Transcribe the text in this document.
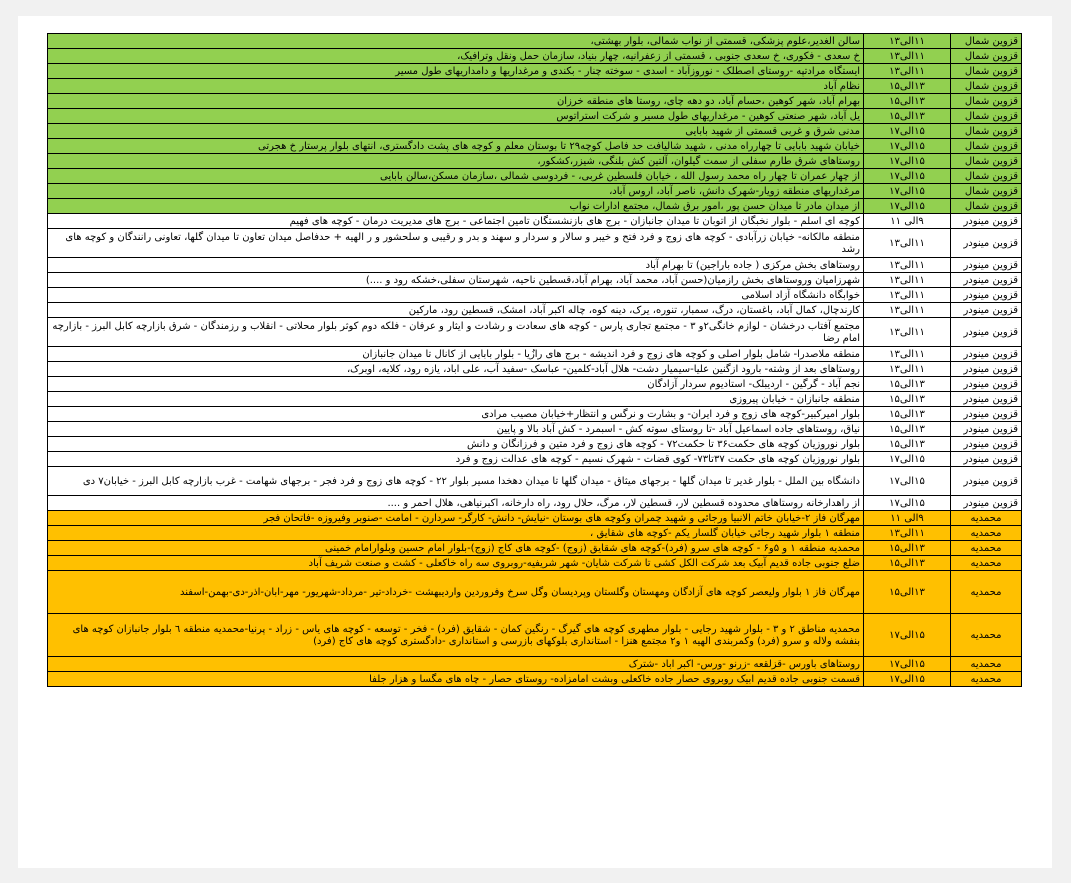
قزوین شمال	۱۱الی۱۳	سالن الغدیر،علوم پزشکی، قسمتی از نواب شمالی، بلوار بهشتی،
قزوین شمال	۱۱الی۱۳	خ سعدی - فکوری، خ سعدی جنوبی ، قسمتی از زعفرانیه، چهار بنیاد، سازمان حمل ونقل وترافیک،
قزوین شمال	۱۱الی۱۳	ایستگاه مرادتپه -روستای اصطلک - نوروزآباد - اسدی - سوخته چنار - بکندی و مرغداریها و دامداریهای طول مسیر
قزوین شمال	۱۳الی۱۵	نظام آباد
قزوین شمال	۱۳الی۱۵	بهرام آباد، شهر کوهین ،حسام آباد، دو دهه چای، روستا های منطقه خرزان
قزوین شمال	۱۳الی۱۵	یل آباد، شهر صنعتی کوهین - مرغداریهای طول مسیر و شرکت استراتوس
قزوین شمال	۱۵الی۱۷	مدنی شرق و غربی قسمتی از شهید بابایی
قزوین شمال	۱۵الی۱۷	خیابان شهید بابایی تا چهارراه مدنی ، شهید شالیافت حد فاصل کوچه۲۹ تا بوستان معلم و کوچه های پشت دادگستری، انتهای بلوار پرستار خ هجرتی
قزوین شمال	۱۵الی۱۷	روستاهای شرق طارم سفلی از سمت گیلوان، آلتین کش بلنگی، شیزر،کشکور،
قزوین شمال	۱۵الی۱۷	از چهار عمران تا چهار راه محمد رسول الله ، خیابان فلسطین غربی، - فردوسی شمالی ،سازمان مسکن،سالن بابایی
قزوین شمال	۱۵الی۱۷	مرغداریهای منطقه زویار-شهرک دانش، ناصر آباد، اروس آباد،
قزوین شمال	۱۵الی۱۷	از میدان مادر تا میدان حسن پور ،امور برق شمال، مجتمع ادارات نواب
قزوین مینودر	۹الی ۱۱	کوچه ای اسلم - بلوار نخبگان از اتوبان تا میدان جانبازان - برج های بازنشستگان تامین اجتماعی - برج های مدیریت درمان - کوچه های فهیم
قزوین مینودر	۱۱الی۱۳	منطقه مالکانه- خیابان زرآبادی - کوچه های زوج و فرد فتح و خیبر و سالار و سردار و سهند و بدر و رقیبی و سلحشور و ر الهیه + حدفاصل میدان تعاون تا میدان گلها، تعاونی رانندگان و کوچه های رشد
قزوین مینودر	۱۱الی۱۳	روستاهای بخش مرکزی ( جاده باراجین) تا بهرام آباد
قزوین مینودر	۱۱الی۱۳	شهرزامیان وروستاهای بخش رازمیان(حسن آباد، محمد آباد، بهرام آباد،قسطین ناحیه، شهرستان سفلی،خشکه رود و ....)
قزوین مینودر	۱۱الی۱۳	خوابگاه دانشگاه آزاد اسلامی
قزوین مینودر	۱۱الی۱۳	کارندچال، کمال آباد، باغستان، درگ، سمبار، تنوره، یرک، دینه کوه، چاله اکبر آباد، امشک، قسطین رود، مارکین
قزوین مینودر	۱۱الی۱۳	مجتمع آفتاب درخشان - لوازم خانگی۲و ۳ - مجتمع تجاری پارس - کوچه های سعادت و رشادت و ایثار و عرفان - فلکه دوم کوثر بلوار محلاتی - انقلاب و رزمندگان - شرق بازارچه کابل البرز - بازارچه امام رضا
قزوین مینودر	۱۱الی۱۳	منطقه ملاصدرا- شامل بلوار اصلی و کوچه های زوج و فرد اندیشه - برج های رازُیا - بلوار بابایی از کانال تا میدان جانبازان
قزوین مینودر	۱۱الی۱۳	روستاهای بعد از وشته- بارود ازگنین علیا-سیمیار دشت- هلال آباد-کلمین- عباسک -سفید آب، علی اباد، یازه رود، کلایه، اوبرک،
قزوین مینودر	۱۳الی۱۵	نجم آباد - گرگین - اردیبلک- استادیوم سردار آزادگان
قزوین مینودر	۱۳الی۱۵	منطقه جانبازان - خیابان پیروزی
قزوین مینودر	۱۳الی۱۵	بلوار امیرکبیر-کوچه های زوج و فرد ایران- و بشارت و نرگس و انتظار+خیابان مصیب مرادی
قزوین مینودر	۱۳الی۱۵	نیاق، روستاهای جاده اسماعیل آباد -تا روستای سوته کش - اسبمرد - کش آباد بالا و پایین
قزوین مینودر	۱۳الی۱۵	بلوار نوروزیان کوچه های حکمت۳۶ تا حکمت۷۲ - کوچه های زوج و فرد متین و فرزانگان و دانش
قزوین مینودر	۱۵الی۱۷	بلوار نوروزیان کوچه های حکمت ۳۷تا۷۳- کوی قضات - شهرک نسیم - کوچه های عدالت زوج و فرد
قزوین مینودر	۱۵الی۱۷	دانشگاه بین الملل - بلوار غدیر تا میدان گلها - برجهای میثاق - میدان گلها تا میدان دهخدا مسیر بلوار ۲۲ - کوچه های زوج و فرد فجر - برجهای شهامت - غرب بازارچه کابل البرز - خیابان۷ دی
قزوین مینودر	۱۵الی۱۷	از راهدارخانه روستاهای محدوده قسطین لار، قسطین لار، مرگ، حلال رود، راه دارخانه، اکبرنیاهی، هلال احمر و ....
محمدیه	۹الی ۱۱	مهرگان فاز ۲-خیابان خاتم الانبیا ورجائی و شهید چمران وکوچه های بوستان -نیایش- دانش- کارگر- سردارن - امامت -صنوبر وفیروزه -فاتحان فجر
محمدیه	۱۱الی۱۳	منطقه ۱ بلوار شهید رجائی خیابان گلسار یکم -کوچه های شقایق ،
محمدیه	۱۳الی۱۵	محمدیه منطقه ۱ و ۵و۶ - کوچه های سرو (فرد)-کوچه های شقایق (زوج) -کوچه های کاج (زوج)-بلوار امام حسین وبلوارامام خمینی
محمدیه	۱۳الی۱۵	ضلع جنوبی جاده قدیم آبیک بعد شرکت الکل کشی تا شرکت شایان- شهر شریفیه-روبروی سه راه خاکعلی - کشت و صنعت شریف آباد
محمدیه	۱۳الی۱۵	مهرگان فاز ۱ بلوار ولیعصر کوچه های آزادگان ومهستان وگلستان وپردیسان وگل سرخ وفروردین واردیبهشت -خرداد-تیر -مرداد-شهریور- مهر-ابان-اذر-دی-بهمن-اسفند
محمدیه	۱۵الی۱۷	محمدیه مناطق ۲ و ۳ - بلوار شهید رجایی - بلوار مطهری کوچه های گیرگ - رنگین کمان - شقایق (فرد) - فخر - توسعه - کوچه های یاس - زراد - پرنیا-محمدیه منطقه ٦ بلوار جانبازان کوچه های بنفشه ولاله و سرو (فرد) وکمربندی الهیه ۱ و۲ مجتمع هنزا - استانداری بلوکهای بازرسی و استانداری -دادگستری کوچه های کاج (فرد)
محمدیه	۱۵الی۱۷	روستاهای باورس -قزلقعه -زرنو -ورس- اکبر اباد -شترک
محمدیه	۱۵الی۱۷	قسمت جنوبی جاده قدیم ابیک روبروی حصار جاده خاکعلی وبشت امامزاده- روستای حصار - چاه های مگسا و هزار جلفا
